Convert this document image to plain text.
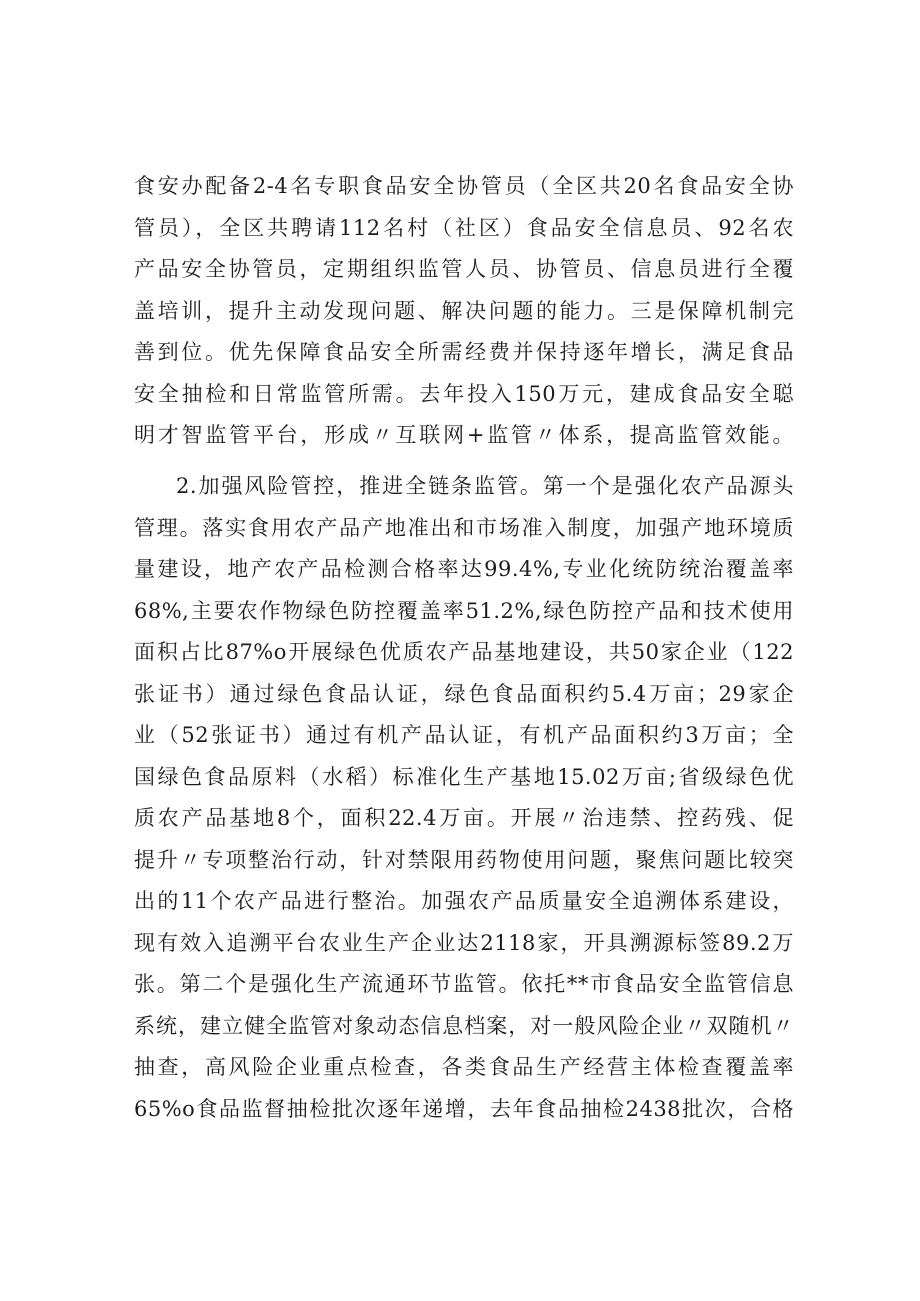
食安办配备2-4名专职食品安全协管员（全区共20名食品安全协
管员），全区共聘请112名村（社区）食品安全信息员、92名农
产品安全协管员，定期组织监管人员、协管员、信息员进行全覆
盖培训，提升主动发现问题、解决问题的能力。三是保障机制完
善到位。优先保障食品安全所需经费并保持逐年增长，满足食品
安全抽检和日常监管所需。去年投入150万元，建成食品安全聪
明才智监管平台，形成〃互联网+监管〃体系，提高监管效能。
2.加强风险管控，推进全链条监管。第一个是强化农产品源头
管理。落实食用农产品产地准出和市场准入制度，加强产地环境质
量建设，地产农产品检测合格率达99.4%,专业化统防统治覆盖率
68%,主要农作物绿色防控覆盖率51.2%,绿色防控产品和技术使用
面积占比87%o开展绿色优质农产品基地建设，共50家企业（122
张证书）通过绿色食品认证，绿色食品面积约5.4万亩；29家企
业（52张证书）通过有机产品认证，有机产品面积约3万亩；全
国绿色食品原料（水稻）标准化生产基地15.02万亩;省级绿色优
质农产品基地8个，面积22.4万亩。开展〃治违禁、控药残、促
提升〃专项整治行动，针对禁限用药物使用问题，聚焦问题比较突
出的11个农产品进行整治。加强农产品质量安全追溯体系建设，
现有效入追溯平台农业生产企业达2118家，开具溯源标签89.2万
张。第二个是强化生产流通环节监管。依托**市食品安全监管信息
系统，建立健全监管对象动态信息档案，对一般风险企业〃双随机〃
抽查，高风险企业重点检查，各类食品生产经营主体检查覆盖率
65%o食品监督抽检批次逐年递增，去年食品抽检2438批次，合格
